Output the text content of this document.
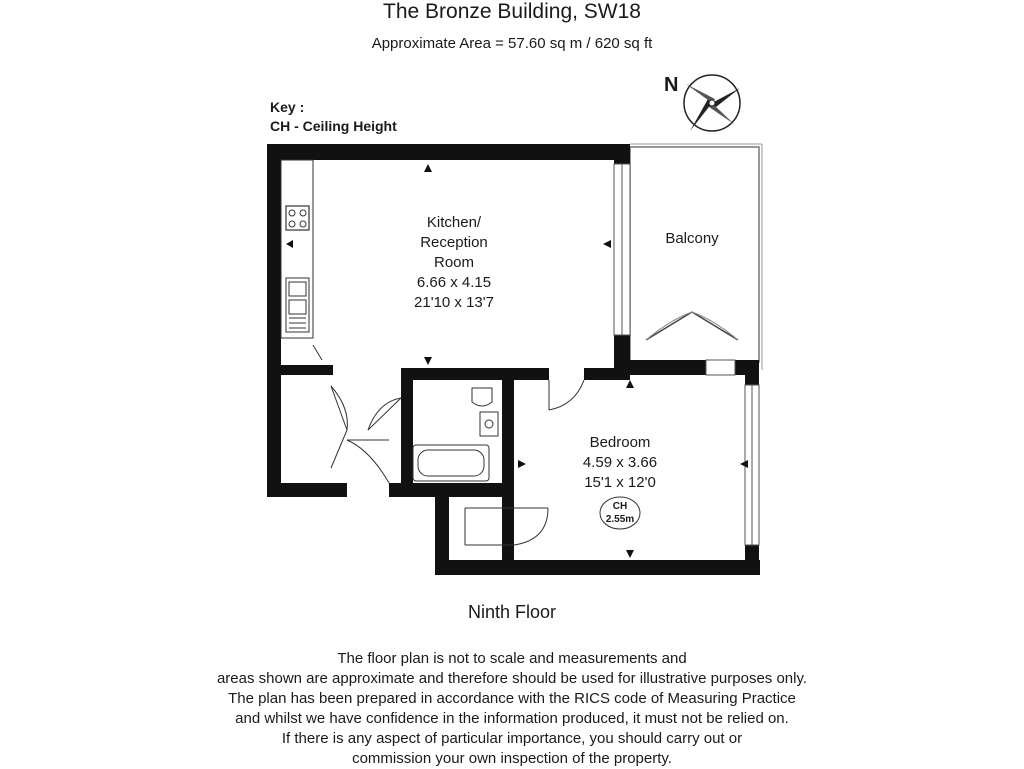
The Bronze Building, SW18
Approximate Area = 57.60 sq m / 620 sq ft
Key :
CH - Ceiling Height
N
Kitchen/
Reception
Room
6.66 x 4.15
21'10 x 13'7
Balcony
Bedroom
4.59 x 3.66
15'1 x 12'0
CH
2.55m
Ninth Floor
The floor plan is not to scale and measurements and
areas shown are approximate and therefore should be used for illustrative purposes only.
The plan has been prepared in accordance with the RICS code of Measuring Practice
and whilst we have confidence in the information produced, it must not be relied on.
If there is any aspect of particular importance, you should carry out or
commission your own inspection of the property.
